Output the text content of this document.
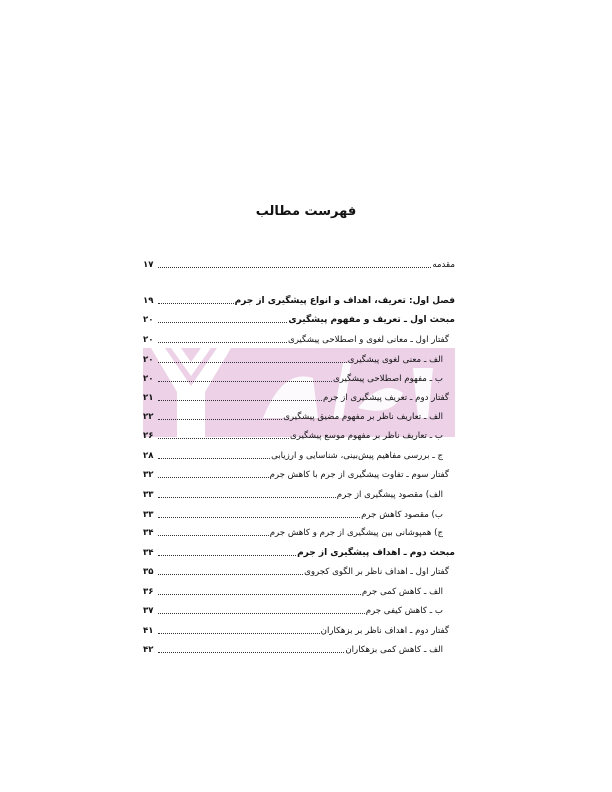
فهرست مطالب
مقدمه
۱۷
فصل اول: تعریف، اهداف و انواع پیشگیری از جرم
۱۹
مبحث اول ـ تعریف و مفهوم پیشگیری
۲۰
گفتار اول ـ معانی لغوی و اصطلاحی پیشگیری
۲۰
الف ـ معنی لغوی پیشگیری
۲۰
ب ـ مفهوم اصطلاحی پیشگیری
۲۰
گفتار دوم ـ تعریف پیشگیری از جرم
۲۱
الف ـ تعاریف ناظر بر مفهوم مضیق پیشگیری
۲۲
ب ـ تعاریف ناظر بر مفهوم موسع پیشگیری
۲۶
ج ـ بررسی مفاهیم پیش‌بینی، شناسایی و ارزیابی
۲۸
گفتار سوم ـ تفاوت پیشگیری از جرم با کاهش جرم
۳۲
الف) مقصود پیشگیری از جرم
۳۳
ب) مقصود کاهش جرم
۳۳
ج) همپوشانی بین پیشگیری از جرم و کاهش جرم
۳۴
مبحث دوم ـ اهداف پیشگیری از جرم
۳۴
گفتار اول ـ اهداف ناظر بر الگوی کجروی
۳۵
الف ـ کاهش کمی جرم
۳۶
ب ـ کاهش کیفی جرم
۳۷
گفتار دوم ـ اهداف ناظر بر بزهکاران
۴۱
الف ـ کاهش کمی بزهکاران
۴۲
